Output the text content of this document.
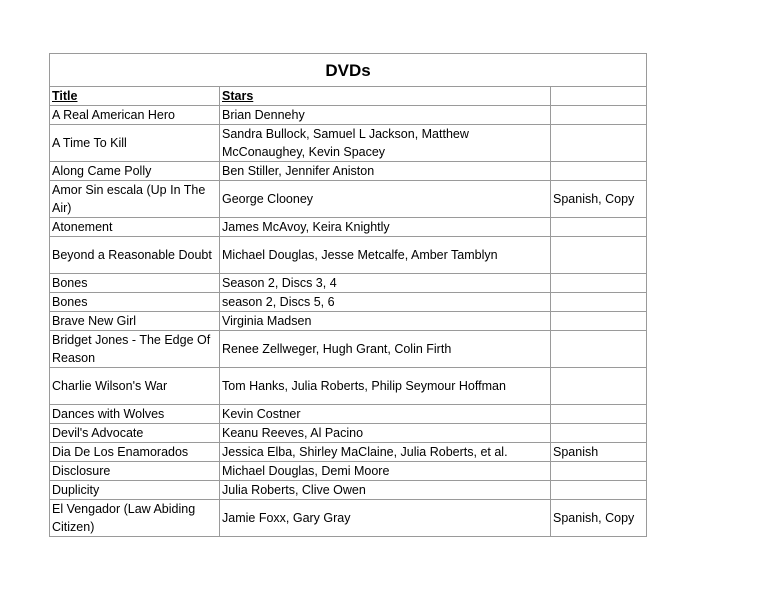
DVDs		
Title	Stars	
A Real American Hero	Brian Dennehy	
A Time To Kill	Sandra Bullock, Samuel L Jackson, Matthew McConaughey, Kevin Spacey	
Along Came Polly	Ben Stiller, Jennifer Aniston	
Amor Sin escala (Up In The Air)	George Clooney	Spanish, Copy
Atonement	James McAvoy, Keira Knightly	
Beyond a Reasonable Doubt	Michael Douglas, Jesse Metcalfe, Amber Tamblyn	
Bones	Season 2, Discs 3, 4	
Bones	season 2, Discs 5, 6	
Brave New Girl	Virginia Madsen	
Bridget Jones - The Edge Of Reason	Renee Zellweger, Hugh Grant, Colin Firth	
Charlie Wilson's War	Tom Hanks, Julia Roberts, Philip Seymour Hoffman	
Dances with Wolves	Kevin Costner	
Devil's Advocate	Keanu Reeves, Al Pacino	
Dia De Los Enamorados	Jessica Elba, Shirley MaClaine, Julia Roberts, et al.	Spanish
Disclosure	Michael Douglas, Demi Moore	
Duplicity	Julia Roberts, Clive Owen	
El Vengador (Law Abiding Citizen)	Jamie Foxx, Gary Gray	Spanish, Copy
